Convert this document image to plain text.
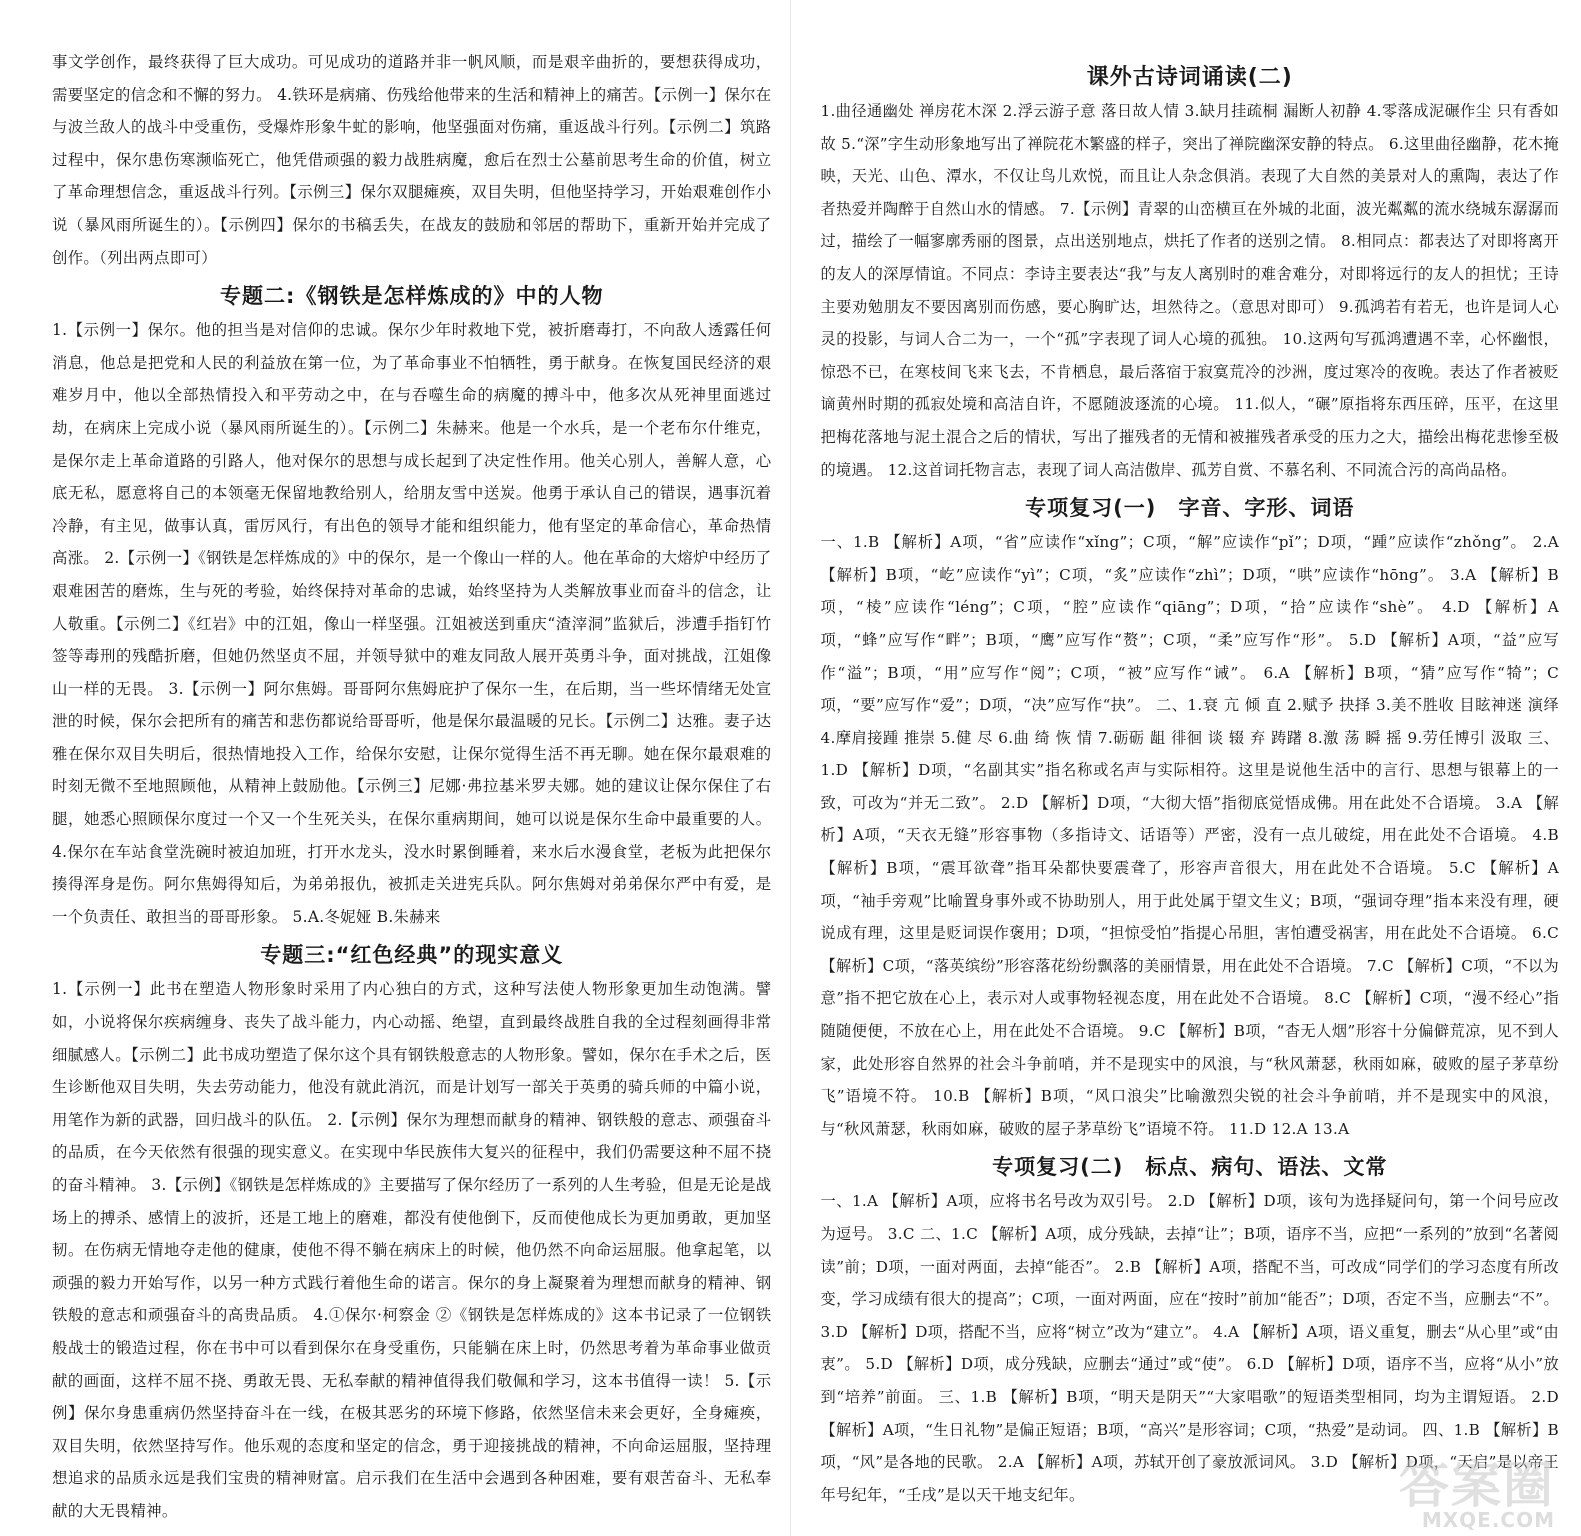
事文学创作，最终获得了巨大成功。可见成功的道路并非一帆风顺，而是艰辛曲折的，要想获得成功，需要坚定的信念和不懈的努力。 4.铁环是病痛、伤残给他带来的生活和精神上的痛苦。【示例一】保尔在与波兰敌人的战斗中受重伤，受爆炸形象牛虻的影响，他坚强面对伤痛，重返战斗行列。【示例二】筑路过程中，保尔患伤寒濒临死亡，他凭借顽强的毅力战胜病魔，愈后在烈士公墓前思考生命的价值，树立了革命理想信念，重返战斗行列。【示例三】保尔双腿瘫痪，双目失明，但他坚持学习，开始艰难创作小说（暴风雨所诞生的）。【示例四】保尔的书稿丢失，在战友的鼓励和邻居的帮助下，重新开始并完成了创作。（列出两点即可）

专题二:《钢铁是怎样炼成的》中的人物

1.【示例一】保尔。他的担当是对信仰的忠诚。保尔少年时救地下党，被折磨毒打，不向敌人透露任何消息，他总是把党和人民的利益放在第一位，为了革命事业不怕牺牲，勇于献身。在恢复国民经济的艰难岁月中，他以全部热情投入和平劳动之中，在与吞噬生命的病魔的搏斗中，他多次从死神里面逃过劫，在病床上完成小说（暴风雨所诞生的）。【示例二】朱赫来。他是一个水兵，是一个老布尔什维克，是保尔走上革命道路的引路人，他对保尔的思想与成长起到了决定性作用。他关心别人，善解人意，心底无私，愿意将自己的本领毫无保留地教给别人，给朋友雪中送炭。他勇于承认自己的错误，遇事沉着冷静，有主见，做事认真，雷厉风行，有出色的领导才能和组织能力，他有坚定的革命信心，革命热情高涨。 2.【示例一】《钢铁是怎样炼成的》中的保尔，是一个像山一样的人。他在革命的大熔炉中经历了艰难困苦的磨炼，生与死的考验，始终保持对革命的忠诚，始终坚持为人类解放事业而奋斗的信念，让人敬重。【示例二】《红岩》中的江姐，像山一样坚强。江姐被送到重庆“渣滓洞”监狱后，涉遭手指钉竹签等毒刑的残酷折磨，但她仍然坚贞不屈，并领导狱中的难友同敌人展开英勇斗争，面对挑战，江姐像山一样的无畏。 3.【示例一】阿尔焦姆。哥哥阿尔焦姆庇护了保尔一生，在后期，当一些坏情绪无处宣泄的时候，保尔会把所有的痛苦和悲伤都说给哥哥听，他是保尔最温暖的兄长。【示例二】达雅。妻子达雅在保尔双目失明后，很热情地投入工作，给保尔安慰，让保尔觉得生活不再无聊。她在保尔最艰难的时刻无微不至地照顾他，从精神上鼓励他。【示例三】尼娜·弗拉基米罗夫娜。她的建议让保尔保住了右腿，她悉心照顾保尔度过一个又一个生死关头，在保尔重病期间，她可以说是保尔生命中最重要的人。 4.保尔在车站食堂洗碗时被迫加班，打开水龙头，没水时累倒睡着，来水后水漫食堂，老板为此把保尔揍得浑身是伤。阿尔焦姆得知后，为弟弟报仇，被抓走关进宪兵队。阿尔焦姆对弟弟保尔严中有爱，是一个负责任、敢担当的哥哥形象。 5.A.冬妮娅 B.朱赫来

专题三:“红色经典”的现实意义

1.【示例一】此书在塑造人物形象时采用了内心独白的方式，这种写法使人物形象更加生动饱满。譬如，小说将保尔疾病缠身、丧失了战斗能力，内心动摇、绝望，直到最终战胜自我的全过程刻画得非常细腻感人。【示例二】此书成功塑造了保尔这个具有钢铁般意志的人物形象。譬如，保尔在手术之后，医生诊断他双目失明，失去劳动能力，他没有就此消沉，而是计划写一部关于英勇的骑兵师的中篇小说，用笔作为新的武器，回归战斗的队伍。 2.【示例】保尔为理想而献身的精神、钢铁般的意志、顽强奋斗的品质，在今天依然有很强的现实意义。在实现中华民族伟大复兴的征程中，我们仍需要这种不屈不挠的奋斗精神。 3.【示例】《钢铁是怎样炼成的》主要描写了保尔经历了一系列的人生考验，但是无论是战场上的搏杀、感情上的波折，还是工地上的磨难，都没有使他倒下，反而使他成长为更加勇敢，更加坚韧。在伤病无情地夺走他的健康，使他不得不躺在病床上的时候，他仍然不向命运屈服。他拿起笔，以顽强的毅力开始写作，以另一种方式践行着他生命的诺言。保尔的身上凝聚着为理想而献身的精神、钢铁般的意志和顽强奋斗的高贵品质。 4.①保尔·柯察金 ②《钢铁是怎样炼成的》这本书记录了一位钢铁般战士的锻造过程，你在书中可以看到保尔在身受重伤，只能躺在床上时，仍然思考着为革命事业做贡献的画面，这样不屈不挠、勇敢无畏、无私奉献的精神值得我们敬佩和学习，这本书值得一读！ 5.【示例】保尔身患重病仍然坚持奋斗在一线，在极其恶劣的环境下修路，依然坚信未来会更好，全身瘫痪，双目失明，依然坚持写作。他乐观的态度和坚定的信念，勇于迎接挑战的精神，不向命运屈服，坚持理想追求的品质永远是我们宝贵的精神财富。启示我们在生活中会遇到各种困难，要有艰苦奋斗、无私奉献的大无畏精神。

课外古诗词诵读(二)

1.曲径通幽处 禅房花木深 2.浮云游子意 落日故人情 3.缺月挂疏桐 漏断人初静 4.零落成泥碾作尘 只有香如故 5.“深”字生动形象地写出了禅院花木繁盛的样子，突出了禅院幽深安静的特点。 6.这里曲径幽静，花木掩映，天光、山色、潭水，不仅让鸟儿欢悦，而且让人杂念俱消。表现了大自然的美景对人的熏陶，表达了作者热爱并陶醉于自然山水的情感。 7.【示例】青翠的山峦横亘在外城的北面，波光粼粼的流水绕城东潺潺而过，描绘了一幅寥廓秀丽的图景，点出送别地点，烘托了作者的送别之情。 8.相同点：都表达了对即将离开的友人的深厚情谊。不同点：李诗主要表达“我”与友人离别时的难舍难分，对即将远行的友人的担忧；王诗主要劝勉朋友不要因离别而伤感，要心胸旷达，坦然待之。（意思对即可） 9.孤鸿若有若无，也许是词人心灵的投影，与词人合二为一，一个“孤”字表现了词人心境的孤独。 10.这两句写孤鸿遭遇不幸，心怀幽恨，惊恐不已，在寒枝间飞来飞去，不肯栖息，最后落宿于寂寞荒冷的沙洲，度过寒冷的夜晚。表达了作者被贬谪黄州时期的孤寂处境和高洁自许，不愿随波逐流的心境。 11.似人，“碾”原指将东西压碎，压平，在这里把梅花落地与泥土混合之后的情状，写出了摧残者的无情和被摧残者承受的压力之大，描绘出梅花悲惨至极的境遇。 12.这首词托物言志，表现了词人高洁傲岸、孤芳自赏、不慕名利、不同流合污的高尚品格。

专项复习(一)　字音、字形、词语

一、1.B 【解析】A项，“省”应读作“xǐng”；C项，“解”应读作“pǐ”；D项，“踵”应读作“zhǒng”。 2.A 【解析】B项，“屹”应读作“yì”；C项，“炙”应读作“zhì”；D项，“哄”应读作“hōng”。 3.A 【解析】B项，“棱”应读作“léng”；C项，“腔”应读作“qiāng”；D项，“拾”应读作“shè”。 4.D 【解析】A项，“蜂”应写作“畔”；B项，“鹰”应写作“赘”；C项，“柔”应写作“形”。 5.D 【解析】A项，“益”应写作“溢”；B项，“用”应写作“阅”；C项，“被”应写作“诫”。 6.A 【解析】B项，“猜”应写作“犄”；C项，“要”应写作“爱”；D项，“决”应写作“抉”。 二、1.衰 亢 倾 直 2.赋予 抉择 3.美不胜收 目眩神迷 演绎 4.摩肩接踵 推崇 5.健 尽 6.曲 绮 恢 情 7.砺砺 龃 徘徊 谈 辍 弃 踌躇 8.激 荡 瞬 摇 9.劳任博引 汲取 三、1.D 【解析】D项，“名副其实”指名称或名声与实际相符。这里是说他生活中的言行、思想与银幕上的一致，可改为“并无二致”。 2.D 【解析】D项，“大彻大悟”指彻底觉悟成佛。用在此处不合语境。 3.A 【解析】A项，“天衣无缝”形容事物（多指诗文、话语等）严密，没有一点儿破绽，用在此处不合语境。 4.B 【解析】B项，“震耳欲聋”指耳朵都快要震聋了，形容声音很大，用在此处不合语境。 5.C 【解析】A项，“袖手旁观”比喻置身事外或不协助别人，用于此处属于望文生义；B项，“强词夺理”指本来没有理，硬说成有理，这里是贬词误作褒用；D项，“担惊受怕”指提心吊胆，害怕遭受祸害，用在此处不合语境。 6.C 【解析】C项，“落英缤纷”形容落花纷纷飘落的美丽情景，用在此处不合语境。 7.C 【解析】C项，“不以为意”指不把它放在心上，表示对人或事物轻视态度，用在此处不合语境。 8.C 【解析】C项，“漫不经心”指随随便便，不放在心上，用在此处不合语境。 9.C 【解析】B项，“杳无人烟”形容十分偏僻荒凉，见不到人家，此处形容自然界的社会斗争前哨，并不是现实中的风浪，与“秋风萧瑟，秋雨如麻，破败的屋子茅草纷飞”语境不符。 10.B 【解析】B项，“风口浪尖”比喻激烈尖锐的社会斗争前哨，并不是现实中的风浪，与“秋风萧瑟，秋雨如麻，破败的屋子茅草纷飞”语境不符。 11.D 12.A 13.A

专项复习(二)　标点、病句、语法、文常

一、1.A 【解析】A项，应将书名号改为双引号。 2.D 【解析】D项，该句为选择疑问句，第一个问号应改为逗号。 3.C 二、1.C 【解析】A项，成分残缺，去掉“让”；B项，语序不当，应把“一系列的”放到“名著阅读”前；D项，一面对两面，去掉“能否”。 2.B 【解析】A项，搭配不当，可改成“同学们的学习态度有所改变，学习成绩有很大的提高”；C项，一面对两面，应在“按时”前加“能否”；D项，否定不当，应删去“不”。 3.D 【解析】D项，搭配不当，应将“树立”改为“建立”。 4.A 【解析】A项，语义重复，删去“从心里”或“由衷”。 5.D 【解析】D项，成分残缺，应删去“通过”或“使”。 6.D 【解析】D项，语序不当，应将“从小”放到“培养”前面。 三、1.B 【解析】B项，“明天是阴天”“大家唱歌”的短语类型相同，均为主谓短语。 2.D 【解析】A项，“生日礼物”是偏正短语；B项，“高兴”是形容词；C项，“热爱”是动词。 四、1.B 【解析】B项，“风”是各地的民歌。 2.A 【解析】A项，苏轼开创了豪放派词风。 3.D 【解析】D项，“天启”是以帝王年号纪年，“壬戌”是以天干地支纪年。	答案圈
MXQE.COM
